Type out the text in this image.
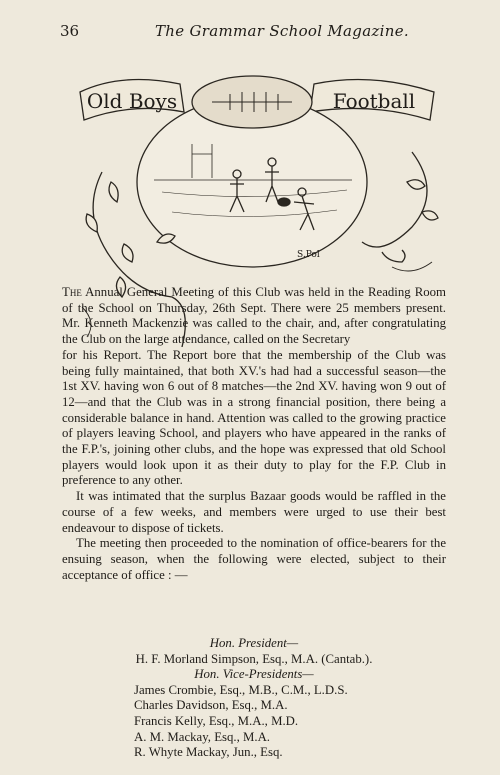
36	The Grammar School Magazine.
Old Boys	Football
S.Pol

The Annual General Meeting of this Club was held in the Reading Room of the School on Thursday, 26th Sept. There were 25 members present. Mr. Kenneth Mackenzie was called to the chair, and, after congratulating the Club on the large attendance, called on the Secretary

for his Report. The Report bore that the membership of the Club was being fully maintained, that both XV.'s had had a successful season—the 1st XV. having won 6 out of 8 matches—the 2nd XV. having won 9 out of 12—and that the Club was in a strong financial position, there being a considerable balance in hand. Attention was called to the growing practice of players leaving School, and players who have appeared in the ranks of the F.P.'s, joining other clubs, and the hope was expressed that old School players would look upon it as their duty to play for the F.P. Club in preference to any other.

It was intimated that the surplus Bazaar goods would be raffled in the course of a few weeks, and members were urged to use their best endeavour to dispose of tickets.

The meeting then proceeded to the nomination of office-bearers for the ensuing season, when the following were elected, subject to their acceptance of office : —

Hon. President—
H. F. Morland Simpson, Esq., M.A. (Cantab.).
Hon. Vice-Presidents—
James Crombie, Esq., M.B., C.M., L.D.S.
Charles Davidson, Esq., M.A.
Francis Kelly, Esq., M.A., M.D.
A. M. Mackay, Esq., M.A.
R. Whyte Mackay, Jun., Esq.
